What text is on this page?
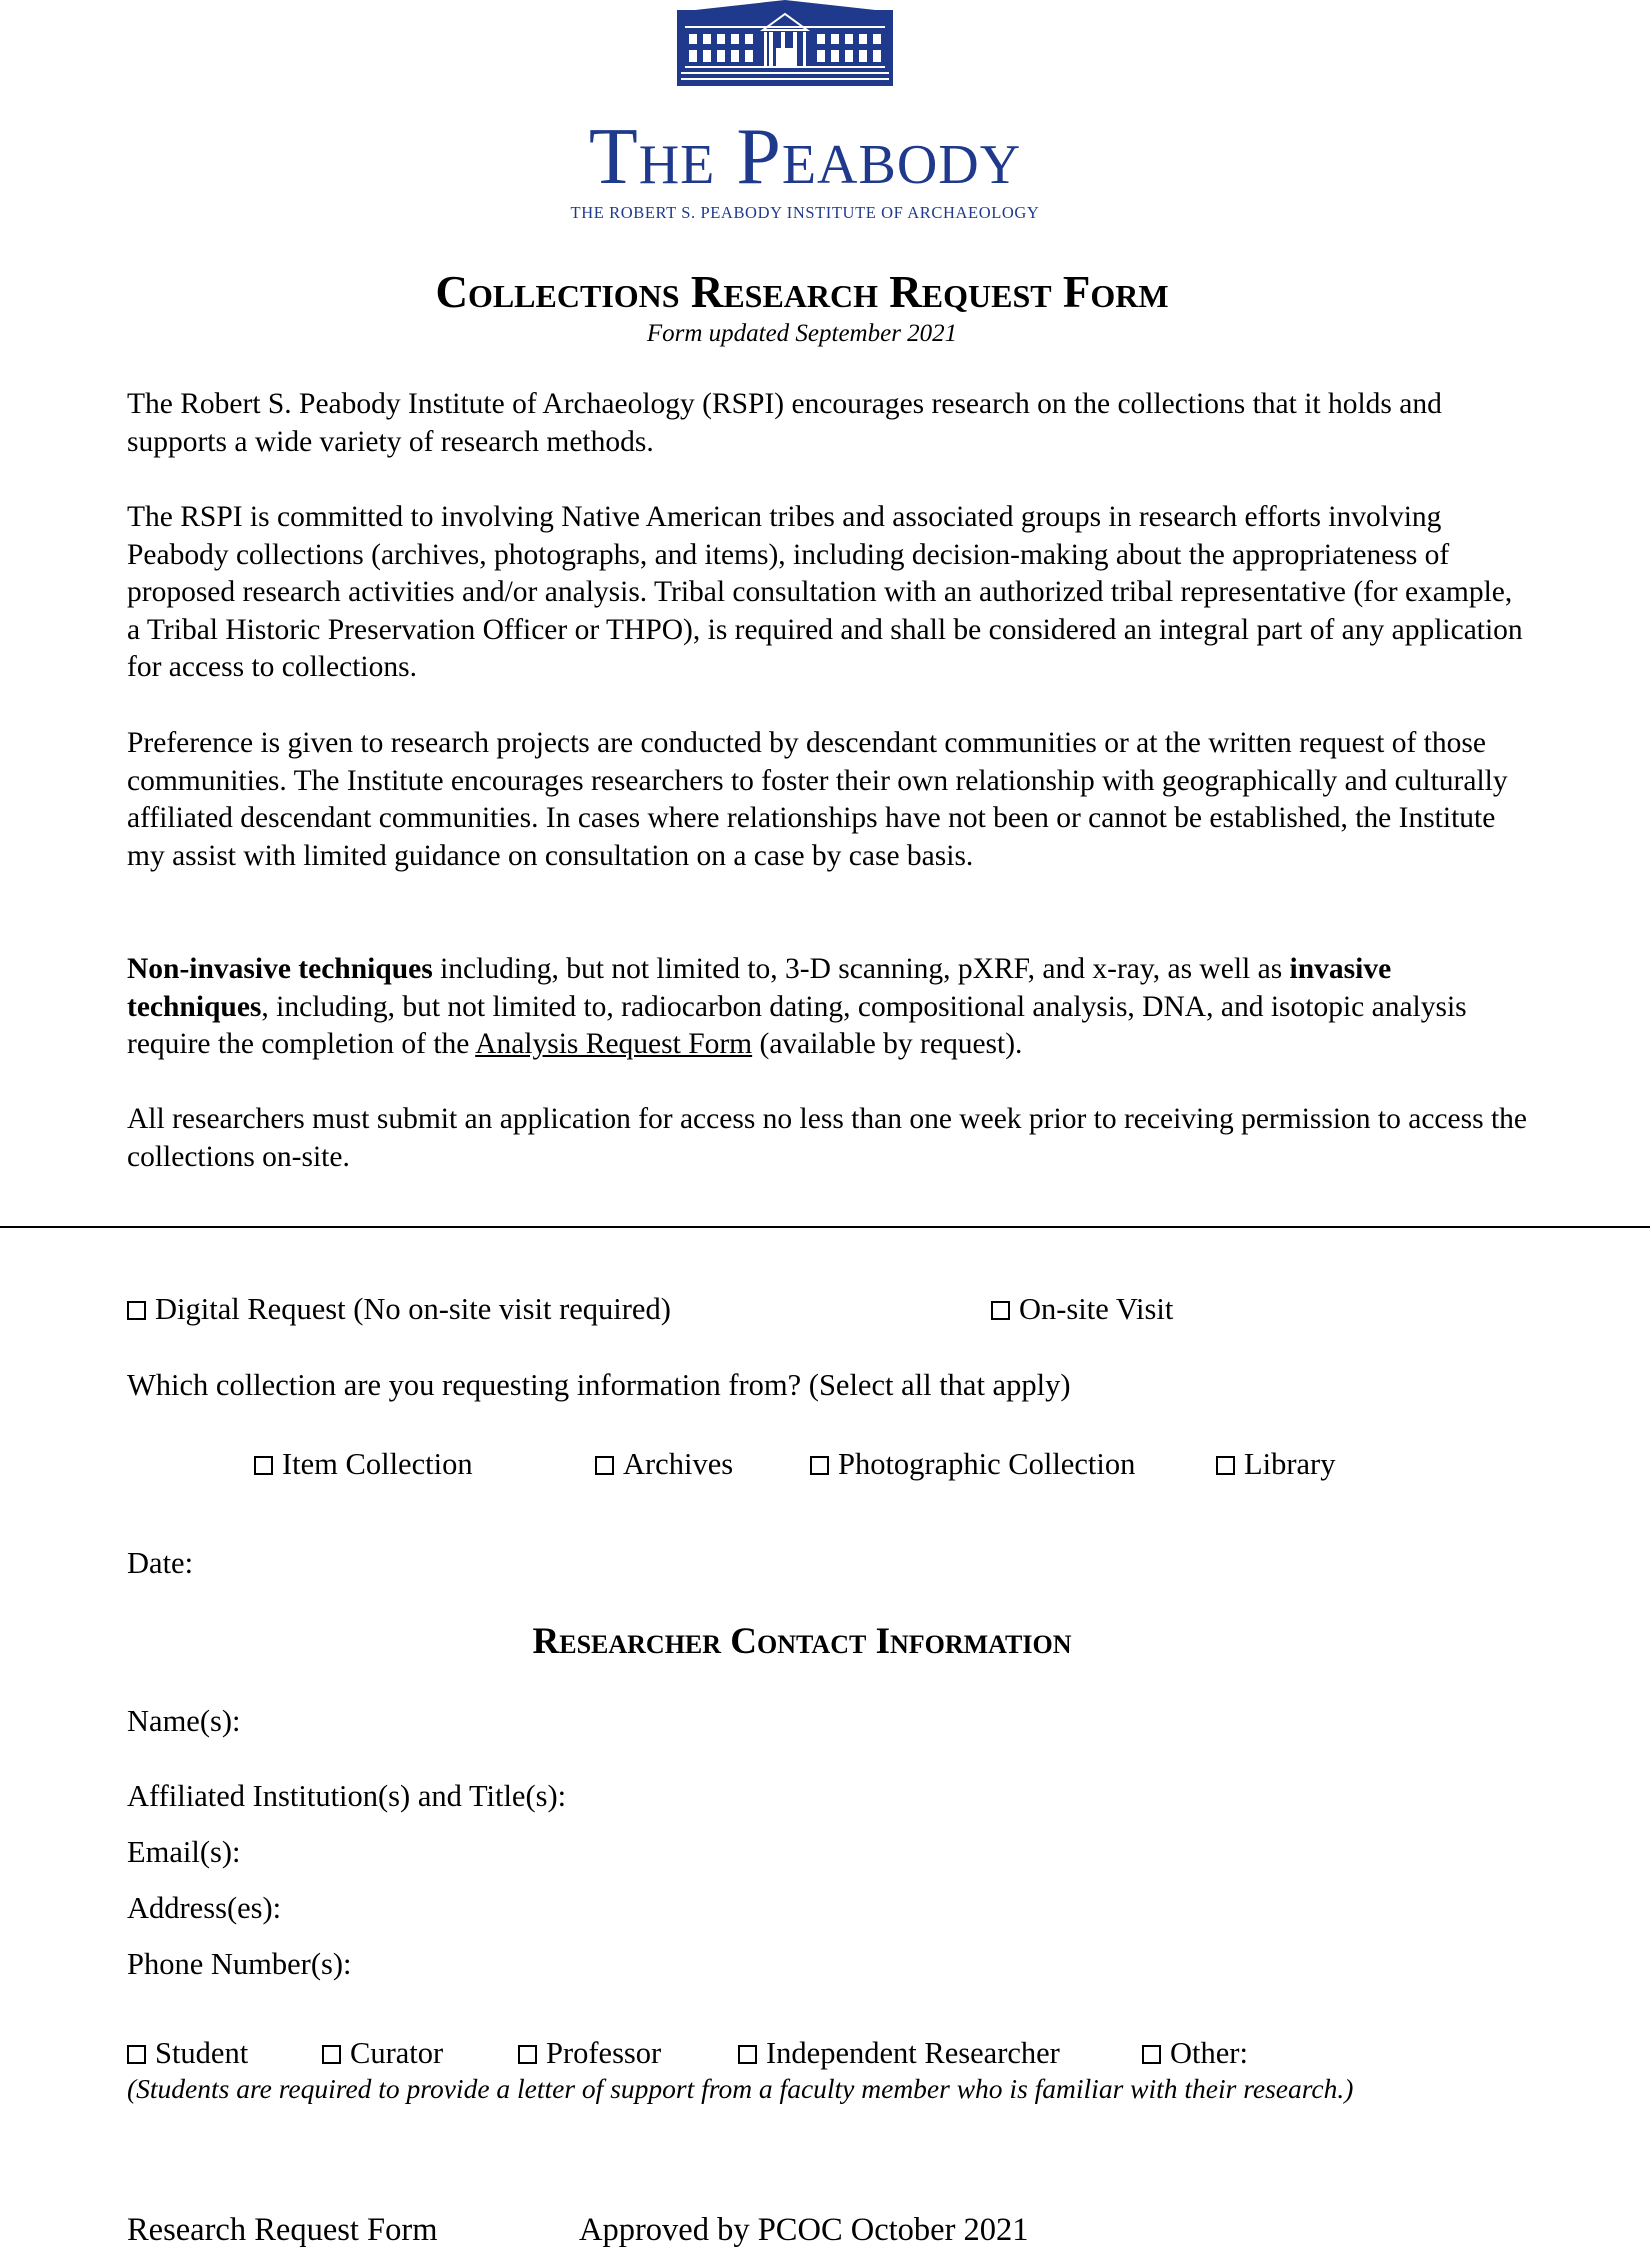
The Peabody
THE ROBERT S. PEABODY INSTITUTE OF ARCHAEOLOGY
Collections Research Request Form
Form updated September 2021
The Robert S. Peabody Institute of Archaeology (RSPI) encourages research on the collections that it holds and supports a wide variety of research methods.
The RSPI is committed to involving Native American tribes and associated groups in research efforts involving Peabody collections (archives, photographs, and items), including decision-making about the appropriateness of proposed research activities and/or analysis. Tribal consultation with an authorized tribal representative (for example, a Tribal Historic Preservation Officer or THPO), is required and shall be considered an integral part of any application for access to collections.
Preference is given to research projects are conducted by descendant communities or at the written request of those communities. The Institute encourages researchers to foster their own relationship with geographically and culturally affiliated descendant communities. In cases where relationships have not been or cannot be established, the Institute my assist with limited guidance on consultation on a case by case basis.
Non-invasive techniques including, but not limited to, 3-D scanning, pXRF, and x-ray, as well as invasive techniques, including, but not limited to, radiocarbon dating, compositional analysis, DNA, and isotopic analysis require the completion of the Analysis Request Form (available by request).
All researchers must submit an application for access no less than one week prior to receiving permission to access the collections on-site.
Digital Request (No on-site visit required)	On-site Visit
Which collection are you requesting information from? (Select all that apply)
Item Collection	Archives	Photographic Collection	Library
Date:
Researcher Contact Information
Name(s):
Affiliated Institution(s) and Title(s):
Email(s):
Address(es):
Phone Number(s):
Student	Curator	Professor	Independent Researcher	Other:
(Students are required to provide a letter of support from a faculty member who is familiar with their research.)
Research Request Form	Approved by PCOC October 2021
